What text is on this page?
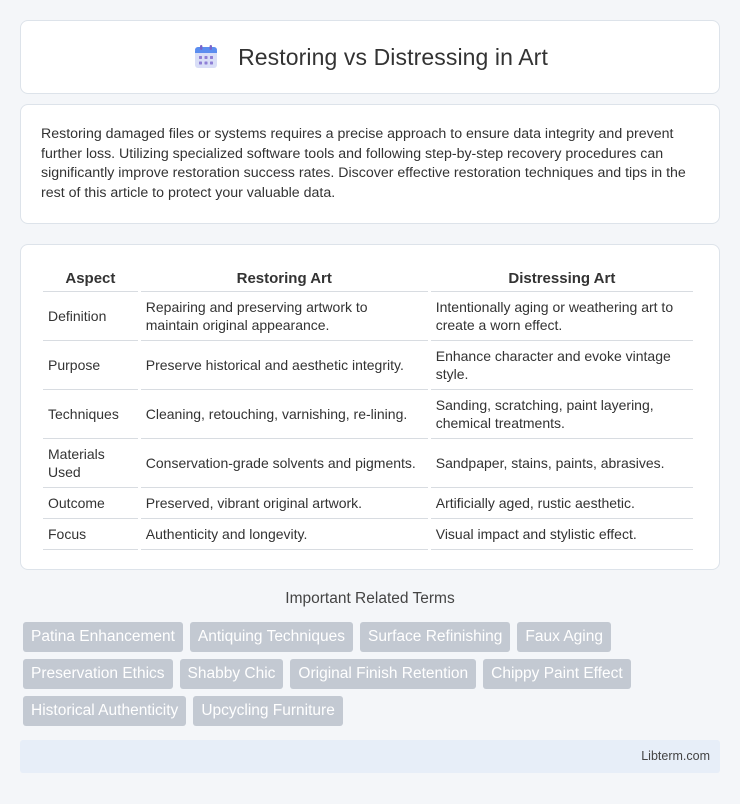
Restoring vs Distressing in Art

Restoring damaged files or systems requires a precise approach to ensure data integrity and prevent further loss. Utilizing specialized software tools and following step-by-step recovery procedures can significantly improve restoration success rates. Discover effective restoration techniques and tips in the rest of this article to protect your valuable data.

Aspect	Restoring Art	Distressing Art
Definition	Repairing and preserving artwork to maintain original appearance.	Intentionally aging or weathering art to create a worn effect.
Purpose	Preserve historical and aesthetic integrity.	Enhance character and evoke vintage style.
Techniques	Cleaning, retouching, varnishing, re-lining.	Sanding, scratching, paint layering, chemical treatments.
Materials Used	Conservation-grade solvents and pigments.	Sandpaper, stains, paints, abrasives.
Outcome	Preserved, vibrant original artwork.	Artificially aged, rustic aesthetic.
Focus	Authenticity and longevity.	Visual impact and stylistic effect.
Important Related Terms
Patina Enhancement	Antiquing Techniques	Surface Refinishing	Faux Aging
Preservation Ethics	Shabby Chic	Original Finish Retention	Chippy Paint Effect
Historical Authenticity	Upcycling Furniture
Libterm.com
